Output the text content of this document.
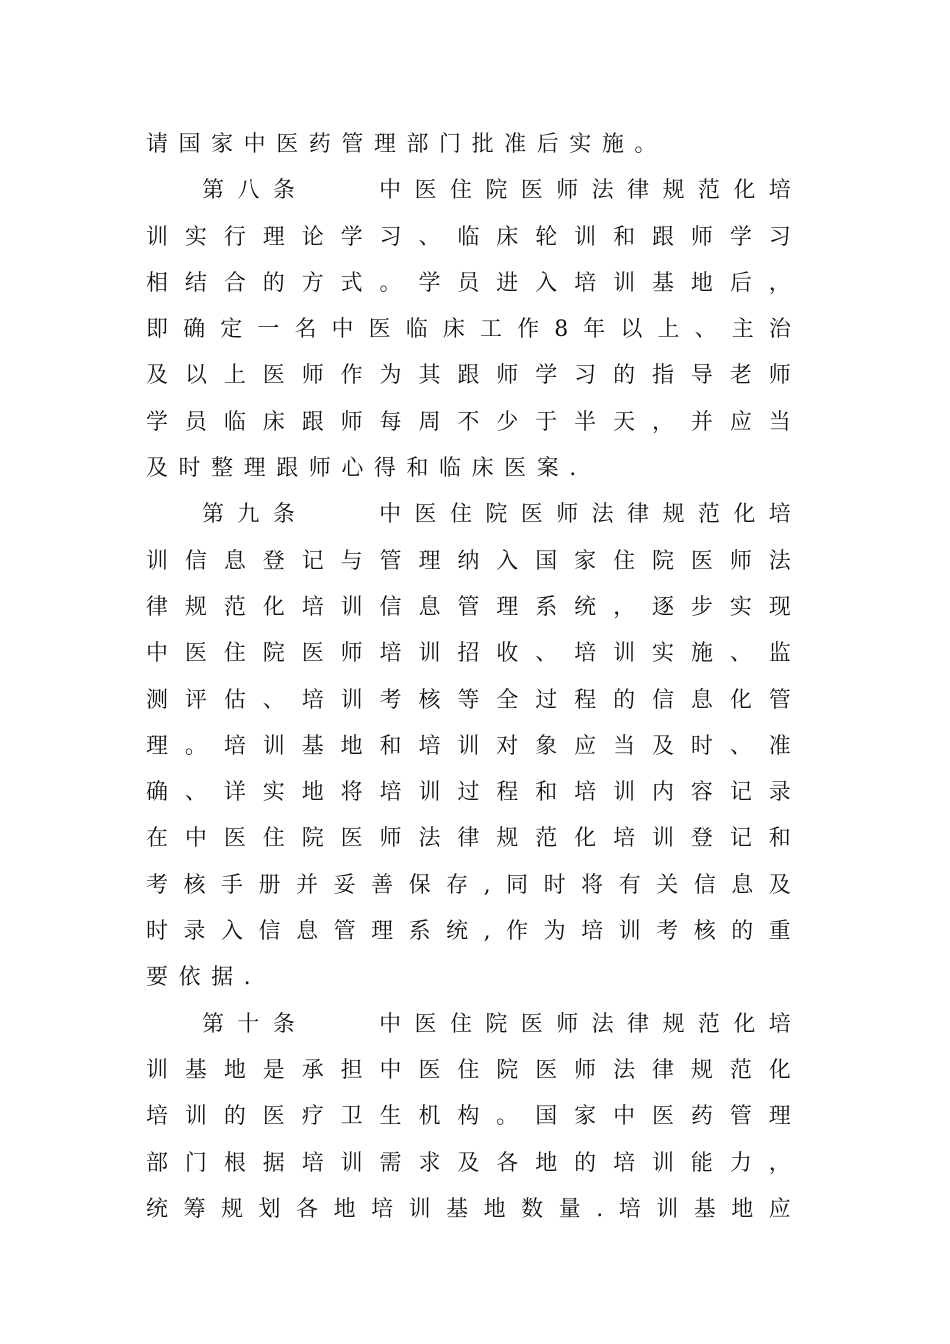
请国家中医药管理部门批准后实施。
第 八 条

　	中 医 住 院 医 师 法 律 规 范 化 培
训 实 行 理 论 学 习 、 临 床 轮 训 和 跟 师 学 习
相 结 合 的 方 式 。 学 员 进 入 培 训 基 地 后 ，
即 确 定 一 名 中 医 临 床 工 作 8 年 以 上 、 主 治
及 以 上 医 师 作 为 其 跟 师 学 习 的 指 导 老 师
学 员 临 床 跟 师 每 周 不 少 于 半 天 ， 并 应 当
及时整理跟师心得和临床医案.
第 九 条

　	中 医 住 院 医 师 法 律 规 范 化 培
训 信 息 登 记 与 管 理 纳 入 国 家 住 院 医 师 法
律 规 范 化 培 训 信 息 管 理 系 统 ， 逐 步 实 现
中 医 住 院 医 师 培 训 招 收 、 培 训 实 施 、 监
测 评 估 、 培 训 考 核 等 全 过 程 的 信 息 化 管
理 。 培 训 基 地 和 培 训 对 象 应 当 及 时 、 准
确 、 详 实 地 将 培 训 过 程 和 培 训 内 容 记 录
在 中 医 住 院 医 师 法 律 规 范 化 培 训 登 记 和
考 核 手 册 并 妥 善 保 存 , 同 时 将 有 关 信 息 及
时 录 入 信 息 管 理 系 统 , 作 为 培 训 考 核 的 重
要依据.
第 十 条

　	中 医 住 院 医 师 法 律 规 范 化 培
训 基 地 是 承 担 中 医 住 院 医 师 法 律 规 范 化
培 训 的 医 疗 卫 生 机 构 。 国 家 中 医 药 管 理
部 门 根 据 培 训 需 求 及 各 地 的 培 训 能 力 ，
统 筹 规 划 各 地 培 训 基 地 数 量 . 培 训 基 地 应
